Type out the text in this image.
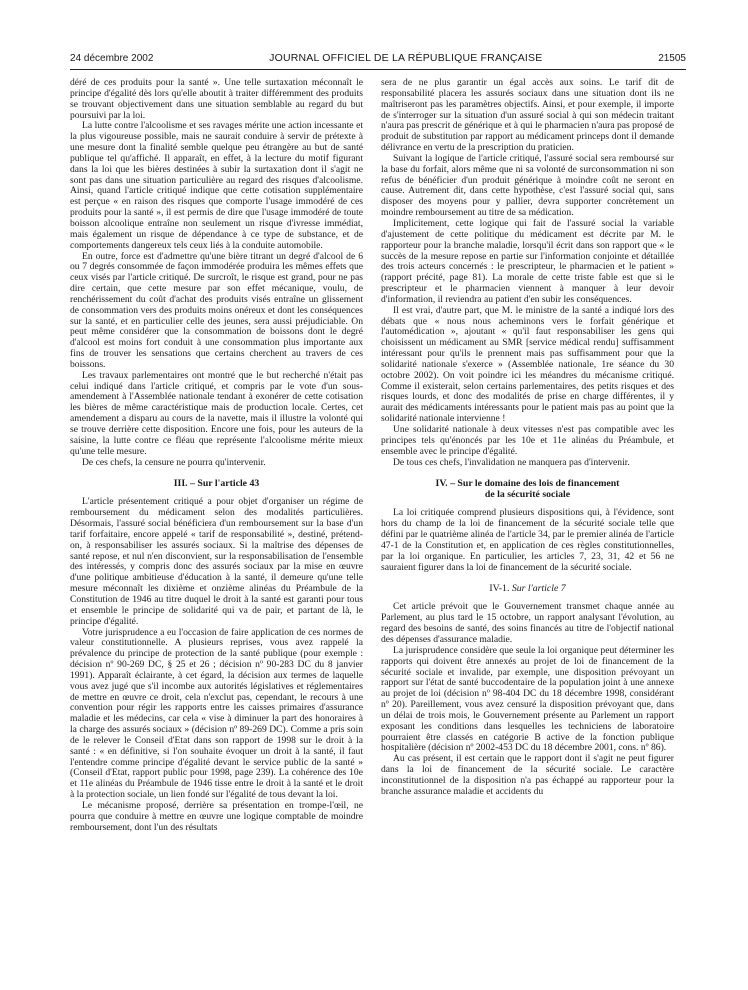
24 décembre 2002	JOURNAL OFFICIEL DE LA RÉPUBLIQUE FRANÇAISE	21505

déré de ces produits pour la santé ». Une telle surtaxation méconnaît le principe d'égalité dès lors qu'elle aboutit à traiter différemment des produits se trouvant objectivement dans une situation semblable au regard du but poursuivi par la loi.

La lutte contre l'alcoolisme et ses ravages mérite une action incessante et la plus vigoureuse possible, mais ne saurait conduire à servir de prétexte à une mesure dont la finalité semble quelque peu étrangère au but de santé publique tel qu'affiché. Il apparaît, en effet, à la lecture du motif figurant dans la loi que les bières destinées à subir la surtaxation dont il s'agit ne sont pas dans une situation particulière au regard des risques d'alcoolisme. Ainsi, quand l'article critiqué indique que cette cotisation supplémentaire est perçue « en raison des risques que comporte l'usage immodéré de ces produits pour la santé », il est permis de dire que l'usage immodéré de toute boisson alcoolique entraîne non seulement un risque d'ivresse immédiat, mais également un risque de dépendance à ce type de substance, et de comportements dangereux tels ceux liés à la conduite automobile.

En outre, force est d'admettre qu'une bière titrant un degré d'alcool de 6 ou 7 degrés consommée de façon immodérée produira les mêmes effets que ceux visés par l'article critiqué. De surcroît, le risque est grand, pour ne pas dire certain, que cette mesure par son effet mécanique, voulu, de renchérissement du coût d'achat des produits visés entraîne un glissement de consommation vers des produits moins onéreux et dont les conséquences sur la santé, et en particulier celle des jeunes, sera aussi préjudiciable. On peut même considérer que la consommation de boissons dont le degré d'alcool est moins fort conduit à une consommation plus importante aux fins de trouver les sensations que certains cherchent au travers de ces boissons.

Les travaux parlementaires ont montré que le but recherché n'était pas celui indiqué dans l'article critiqué, et compris par le vote d'un sous-amendement à l'Assemblée nationale tendant à exonérer de cette cotisation les bières de même caractéristique mais de production locale. Certes, cet amendement a disparu au cours de la navette, mais il illustre la volonté qui se trouve derrière cette disposition. Encore une fois, pour les auteurs de la saisine, la lutte contre ce fléau que représente l'alcoolisme mérite mieux qu'une telle mesure.

De ces chefs, la censure ne pourra qu'intervenir.

III. – Sur l'article 43

L'article présentement critiqué a pour objet d'organiser un régime de remboursement du médicament selon des modalités particulières. Désormais, l'assuré social bénéficiera d'un remboursement sur la base d'un tarif forfaitaire, encore appelé « tarif de responsabilité », destiné, prétend-on, à responsabiliser les assurés sociaux. Si la maîtrise des dépenses de santé repose, et nul n'en disconvient, sur la responsabilisation de l'ensemble des intéressés, y compris donc des assurés sociaux par la mise en œuvre d'une politique ambitieuse d'éducation à la santé, il demeure qu'une telle mesure méconnaît les dixième et onzième alinéas du Préambule de la Constitution de 1946 au titre duquel le droit à la santé est garanti pour tous et ensemble le principe de solidarité qui va de pair, et partant de là, le principe d'égalité.

Votre jurisprudence a eu l'occasion de faire application de ces normes de valeur constitutionnelle. A plusieurs reprises, vous avez rappelé la prévalence du principe de protection de la santé publique (pour exemple : décision nº 90-269 DC, § 25 et 26 ; décision nº 90-283 DC du 8 janvier 1991). Apparaît éclairante, à cet égard, la décision aux termes de laquelle vous avez jugé que s'il incombe aux autorités législatives et réglementaires de mettre en œuvre ce droit, cela n'exclut pas, cependant, le recours à une convention pour régir les rapports entre les caisses primaires d'assurance maladie et les médecins, car cela « vise à diminuer la part des honoraires à la charge des assurés sociaux » (décision nº 89-269 DC). Comme a pris soin de le relever le Conseil d'Etat dans son rapport de 1998 sur le droit à la santé : « en définitive, si l'on souhaite évoquer un droit à la santé, il faut l'entendre comme principe d'égalité devant le service public de la santé » (Conseil d'Etat, rapport public pour 1998, page 239). La cohérence des 10e et 11e alinéas du Préambule de 1946 tisse entre le droit à la santé et le droit à la protection sociale, un lien fondé sur l'égalité de tous devant la loi.

Le mécanisme proposé, derrière sa présentation en trompe-l'œil, ne pourra que conduire à mettre en œuvre une logique comptable de moindre remboursement, dont l'un des résultats

sera de ne plus garantir un égal accès aux soins. Le tarif dit de responsabilité placera les assurés sociaux dans une situation dont ils ne maîtriseront pas les paramètres objectifs. Ainsi, et pour exemple, il importe de s'interroger sur la situation d'un assuré social à qui son médecin traitant n'aura pas prescrit de générique et à qui le pharmacien n'aura pas proposé de produit de substitution par rapport au médicament princeps dont il demande délivrance en vertu de la prescription du praticien.

Suivant la logique de l'article critiqué, l'assuré social sera remboursé sur la base du forfait, alors même que ni sa volonté de surconsommation ni son refus de bénéficier d'un produit générique à moindre coût ne seront en cause. Autrement dit, dans cette hypothèse, c'est l'assuré social qui, sans disposer des moyens pour y pallier, devra supporter concrètement un moindre remboursement au titre de sa médication.

Implicitement, cette logique qui fait de l'assuré social la variable d'ajustement de cette politique du médicament est décrite par M. le rapporteur pour la branche maladie, lorsqu'il écrit dans son rapport que « le succès de la mesure repose en partie sur l'information conjointe et détaillée des trois acteurs concernés : le prescripteur, le pharmacien et le patient » (rapport précité, page 81). La morale de cette triste fable est que si le prescripteur et le pharmacien viennent à manquer à leur devoir d'information, il reviendra au patient d'en subir les conséquences.

Il est vrai, d'autre part, que M. le ministre de la santé a indiqué lors des débats que « nous nous acheminons vers le forfait générique et l'automédication », ajoutant « qu'il faut responsabiliser les gens qui choisissent un médicament au SMR [service médical rendu] suffisamment intéressant pour qu'ils le prennent mais pas suffisamment pour que la solidarité nationale s'exerce » (Assemblée nationale, 1re séance du 30 octobre 2002). On voit poindre ici les méandres du mécanisme critiqué. Comme il existerait, selon certains parlementaires, des petits risques et des risques lourds, et donc des modalités de prise en charge différentes, il y aurait des médicaments intéressants pour le patient mais pas au point que la solidarité nationale intervienne !

Une solidarité nationale à deux vitesses n'est pas compatible avec les principes tels qu'énoncés par les 10e et 11e alinéas du Préambule, et ensemble avec le principe d'égalité.

De tous ces chefs, l'invalidation ne manquera pas d'intervenir.

IV. – Sur le domaine des lois de financement
de la sécurité sociale

La loi critiquée comprend plusieurs dispositions qui, à l'évidence, sont hors du champ de la loi de financement de la sécurité sociale telle que défini par le quatrième alinéa de l'article 34, par le premier alinéa de l'article 47-1 de la Constitution et, en application de ces règles constitutionnelles, par la loi organique. En particulier, les articles 7, 23, 31, 42 et 56 ne sauraient figurer dans la loi de financement de la sécurité sociale.

IV-1. Sur l'article 7

Cet article prévoit que le Gouvernement transmet chaque année au Parlement, au plus tard le 15 octobre, un rapport analysant l'évolution, au regard des besoins de santé, des soins financés au titre de l'objectif national des dépenses d'assurance maladie.

La jurisprudence considère que seule la loi organique peut déterminer les rapports qui doivent être annexés au projet de loi de financement de la sécurité sociale et invalide, par exemple, une disposition prévoyant un rapport sur l'état de santé buccodentaire de la population joint à une annexe au projet de loi (décision nº 98-404 DC du 18 décembre 1998, considérant nº 20). Pareillement, vous avez censuré la disposition prévoyant que, dans un délai de trois mois, le Gouvernement présente au Parlement un rapport exposant les conditions dans lesquelles les techniciens de laboratoire pourraient être classés en catégorie B active de la fonction publique hospitalière (décision nº 2002-453 DC du 18 décembre 2001, cons. nº 86).

Au cas présent, il est certain que le rapport dont il s'agit ne peut figurer dans la loi de financement de la sécurité sociale. Le caractère inconstitutionnel de la disposition n'a pas échappé au rapporteur pour la branche assurance maladie et accidents du
